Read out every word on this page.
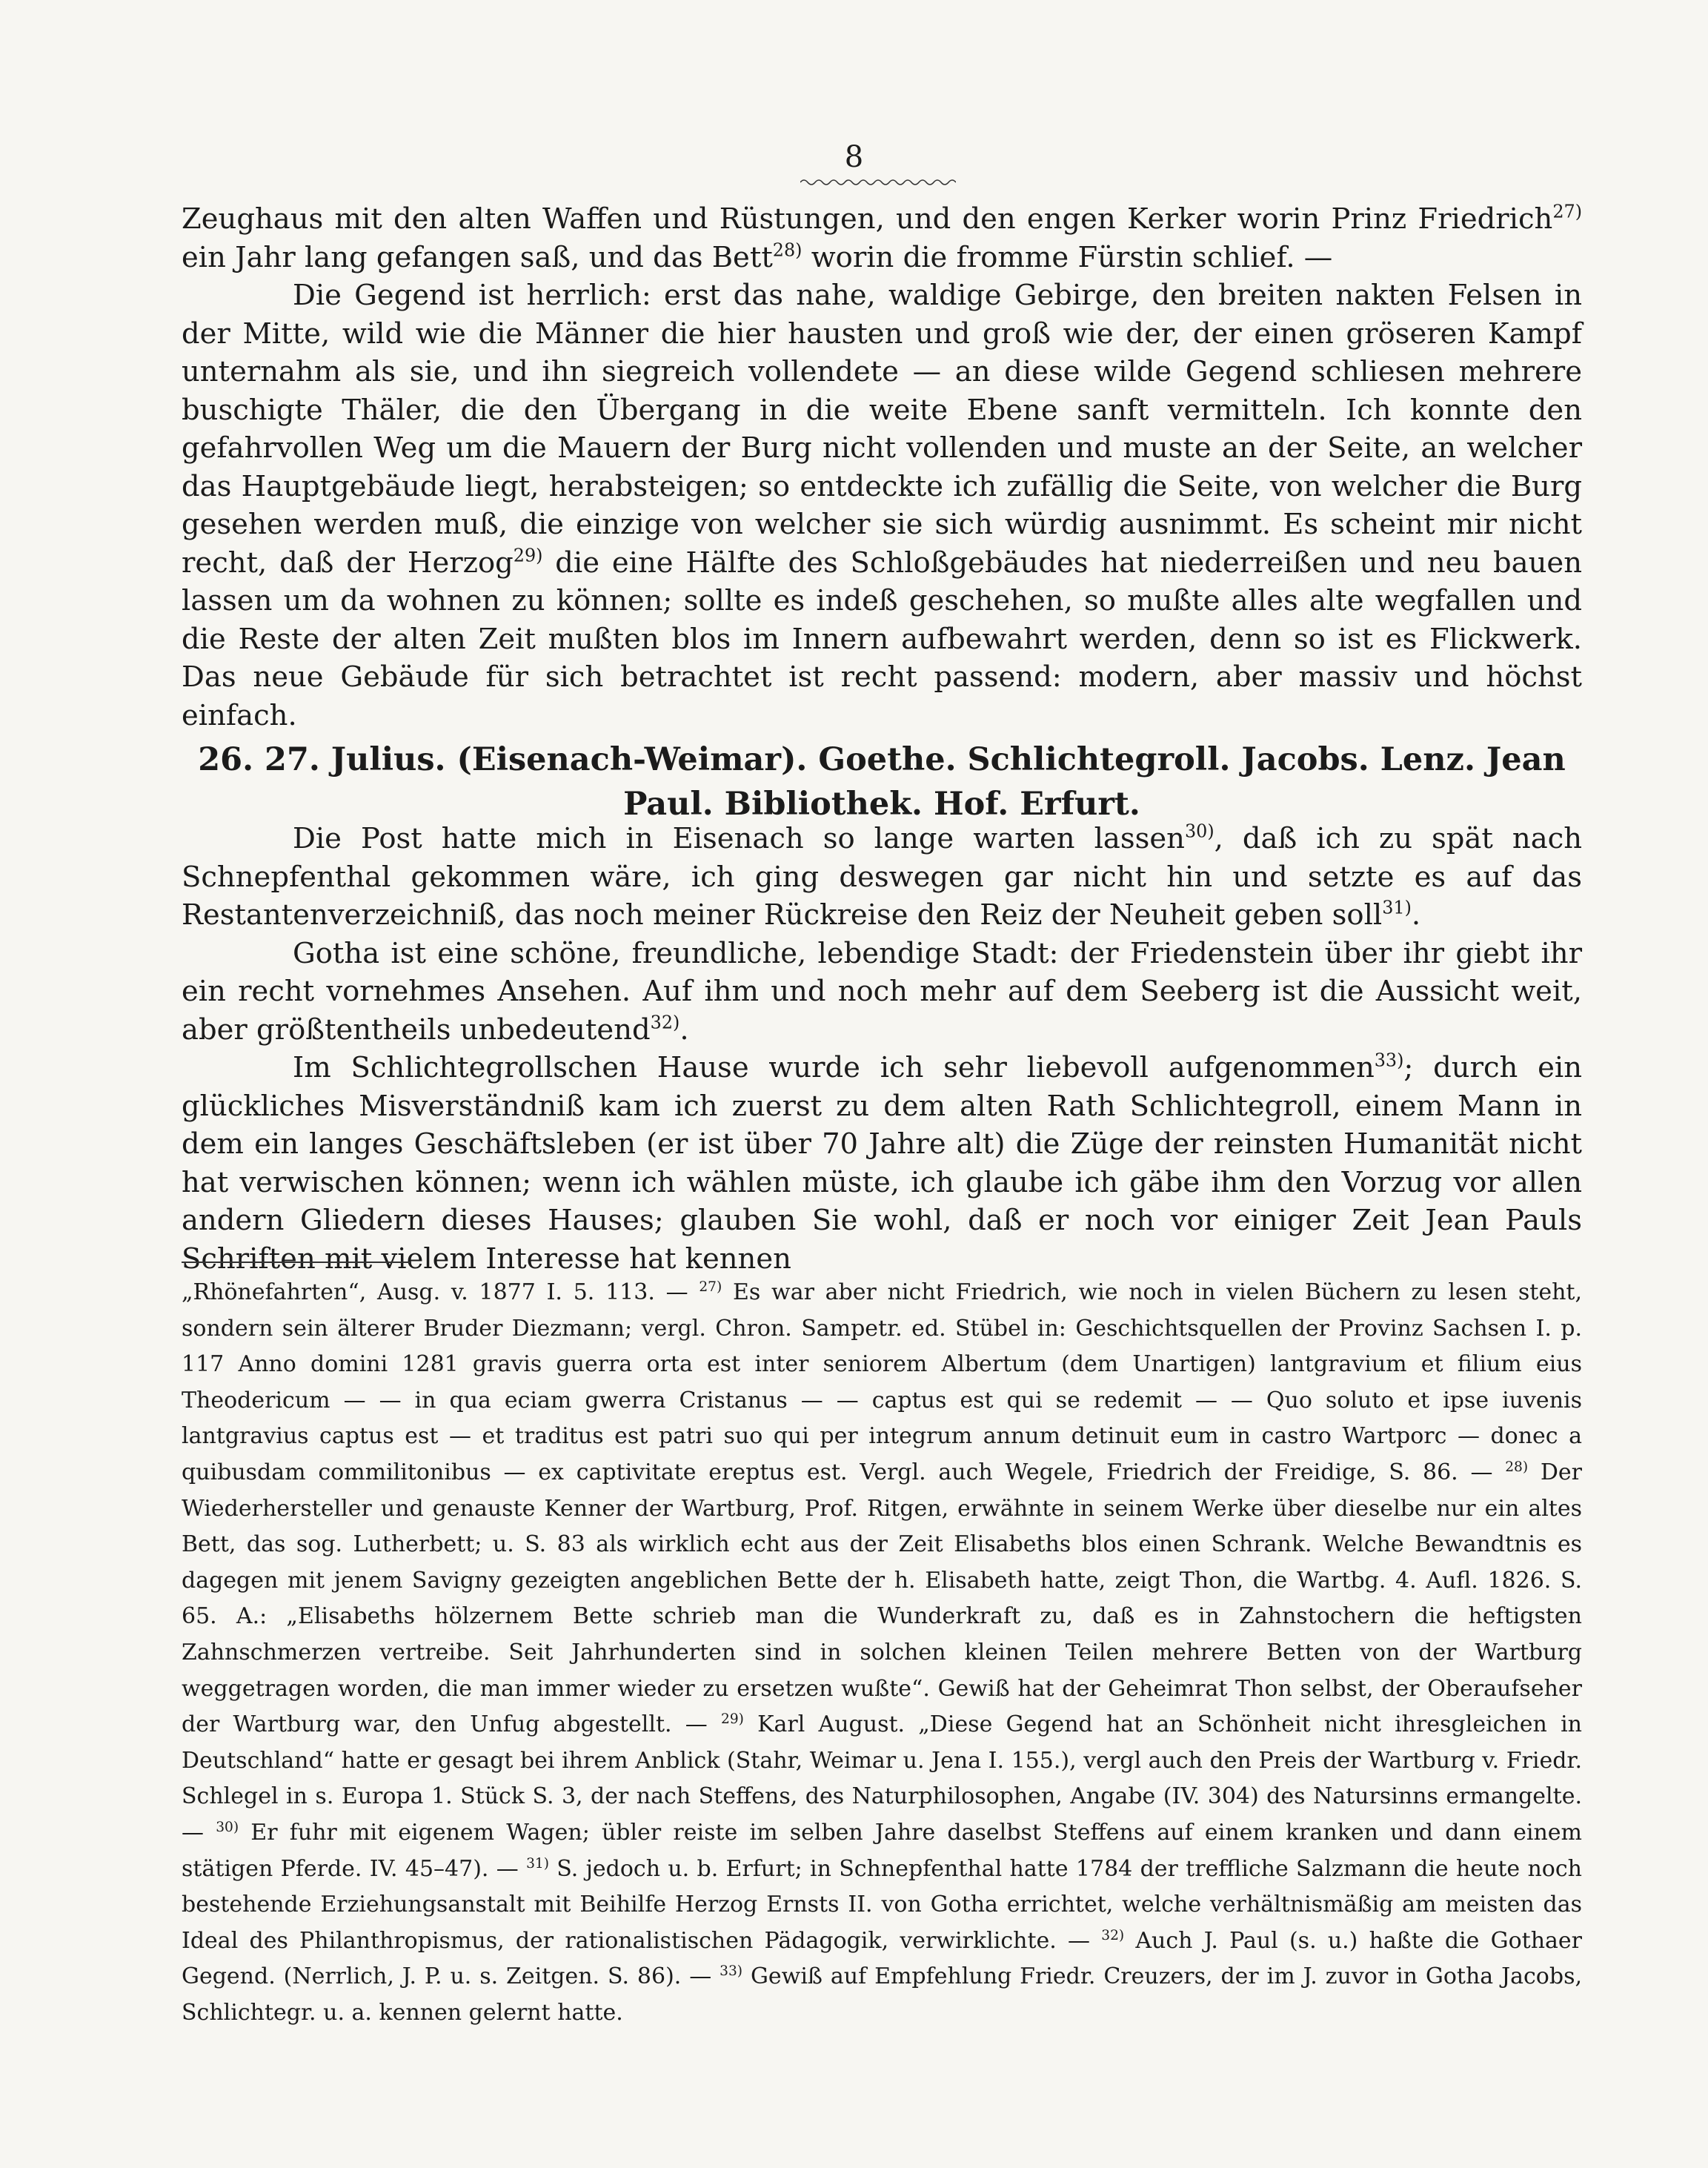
8

Zeughaus mit den alten Waffen und Rüstungen, und den engen Kerker worin Prinz Friedrich$^{27)}$ ein Jahr lang gefangen saß, und das Bett$^{28)}$ worin die fromme Fürstin schlief. —

Die Gegend ist herrlich: erst das nahe, waldige Gebirge, den breiten nakten Felsen in der Mitte, wild wie die Männer die hier hausten und groß wie der, der einen gröseren Kampf unternahm als sie, und ihn siegreich vollendete — an diese wilde Gegend schliesen mehrere buschigte Thäler, die den Übergang in die weite Ebene sanft vermitteln. Ich konnte den gefahrvollen Weg um die Mauern der Burg nicht vollenden und muste an der Seite, an welcher das Hauptgebäude liegt, herabsteigen; so entdeckte ich zufällig die Seite, von welcher die Burg gesehen werden muß, die einzige von welcher sie sich würdig ausnimmt. Es scheint mir nicht recht, daß der Herzog$^{29)}$ die eine Hälfte des Schloßgebäudes hat niederreißen und neu bauen lassen um da wohnen zu können; sollte es indeß geschehen, so mußte alles alte wegfallen und die Reste der alten Zeit mußten blos im Innern aufbewahrt werden, denn so ist es Flickwerk. Das neue Gebäude für sich betrachtet ist recht passend: modern, aber massiv und höchst einfach.

26. 27. Julius. (Eisenach-Weimar). Goethe. Schlichtegroll. Jacobs. Lenz. Jean Paul. Bibliothek. Hof. Erfurt.

Die Post hatte mich in Eisenach so lange warten lassen$^{30)}$, daß ich zu spät nach Schnepfenthal gekommen wäre, ich ging deswegen gar nicht hin und setzte es auf das Restantenverzeichniß, das noch meiner Rückreise den Reiz der Neuheit geben soll$^{31)}$.

Gotha ist eine schöne, freundliche, lebendige Stadt: der Friedenstein über ihr giebt ihr ein recht vornehmes Ansehen. Auf ihm und noch mehr auf dem Seeberg ist die Aussicht weit, aber größtentheils unbedeutend$^{32)}$.

Im Schlichtegrollschen Hause wurde ich sehr liebevoll aufgenommen$^{33)}$; durch ein glückliches Misverständniß kam ich zuerst zu dem alten Rath Schlichtegroll, einem Mann in dem ein langes Geschäftsleben (er ist über 70 Jahre alt) die Züge der reinsten Humanität nicht hat verwischen können; wenn ich wählen müste, ich glaube ich gäbe ihm den Vorzug vor allen andern Gliedern dieses Hauses; glauben Sie wohl, daß er noch vor einiger Zeit Jean Pauls Schriften mit vielem Interesse hat kennen

„Rhönefahrten“, Ausg. v. 1877 I. 5. 113. — $^{27)}$ Es war aber nicht Friedrich, wie noch in vielen Büchern zu lesen steht, sondern sein älterer Bruder Diezmann; vergl. Chron. Sampetr. ed. Stübel in: Geschichtsquellen der Provinz Sachsen I. p. 117 Anno domini 1281 gravis guerra orta est inter seniorem Albertum (dem Unartigen) lantgravium et filium eius Theodericum — — in qua eciam gwerra Cristanus — — captus est qui se redemit — — Quo soluto et ipse iuvenis lantgravius captus est — et traditus est patri suo qui per integrum annum detinuit eum in castro Wartporc — donec a quibusdam commilitonibus — ex captivitate ereptus est. Vergl. auch Wegele, Friedrich der Freidige, S. 86. — $^{28)}$ Der Wiederhersteller und genauste Kenner der Wartburg, Prof. Ritgen, erwähnte in seinem Werke über dieselbe nur ein altes Bett, das sog. Lutherbett; u. S. 83 als wirklich echt aus der Zeit Elisabeths blos einen Schrank. Welche Bewandtnis es dagegen mit jenem Savigny gezeigten angeblichen Bette der h. Elisabeth hatte, zeigt Thon, die Wartbg. 4. Aufl. 1826. S. 65. A.: „Elisabeths hölzernem Bette schrieb man die Wunderkraft zu, daß es in Zahnstochern die heftigsten Zahnschmerzen vertreibe. Seit Jahrhunderten sind in solchen kleinen Teilen mehrere Betten von der Wartburg weggetragen worden, die man immer wieder zu ersetzen wußte“. Gewiß hat der Geheimrat Thon selbst, der Oberaufseher der Wartburg war, den Unfug abgestellt. — $^{29)}$ Karl August. „Diese Gegend hat an Schönheit nicht ihresgleichen in Deutschland“ hatte er gesagt bei ihrem Anblick (Stahr, Weimar u. Jena I. 155.), vergl auch den Preis der Wartburg v. Friedr. Schlegel in s. Europa 1. Stück S. 3, der nach Steffens, des Naturphilosophen, Angabe (IV. 304) des Natursinns ermangelte. — $^{30)}$ Er fuhr mit eigenem Wagen; übler reiste im selben Jahre daselbst Steffens auf einem kranken und dann einem stätigen Pferde. IV. 45–47). — $^{31)}$ S. jedoch u. b. Erfurt; in Schnepfenthal hatte 1784 der treffliche Salzmann die heute noch bestehende Erziehungsanstalt mit Beihilfe Herzog Ernsts II. von Gotha errichtet, welche verhältnismäßig am meisten das Ideal des Philanthropismus, der rationalistischen Pädagogik, verwirklichte. — $^{32)}$ Auch J. Paul (s. u.) haßte die Gothaer Gegend. (Nerrlich, J. P. u. s. Zeitgen. S. 86). — $^{33)}$ Gewiß auf Empfehlung Friedr. Creuzers, der im J. zuvor in Gotha Jacobs, Schlichtegr. u. a. kennen gelernt hatte.
